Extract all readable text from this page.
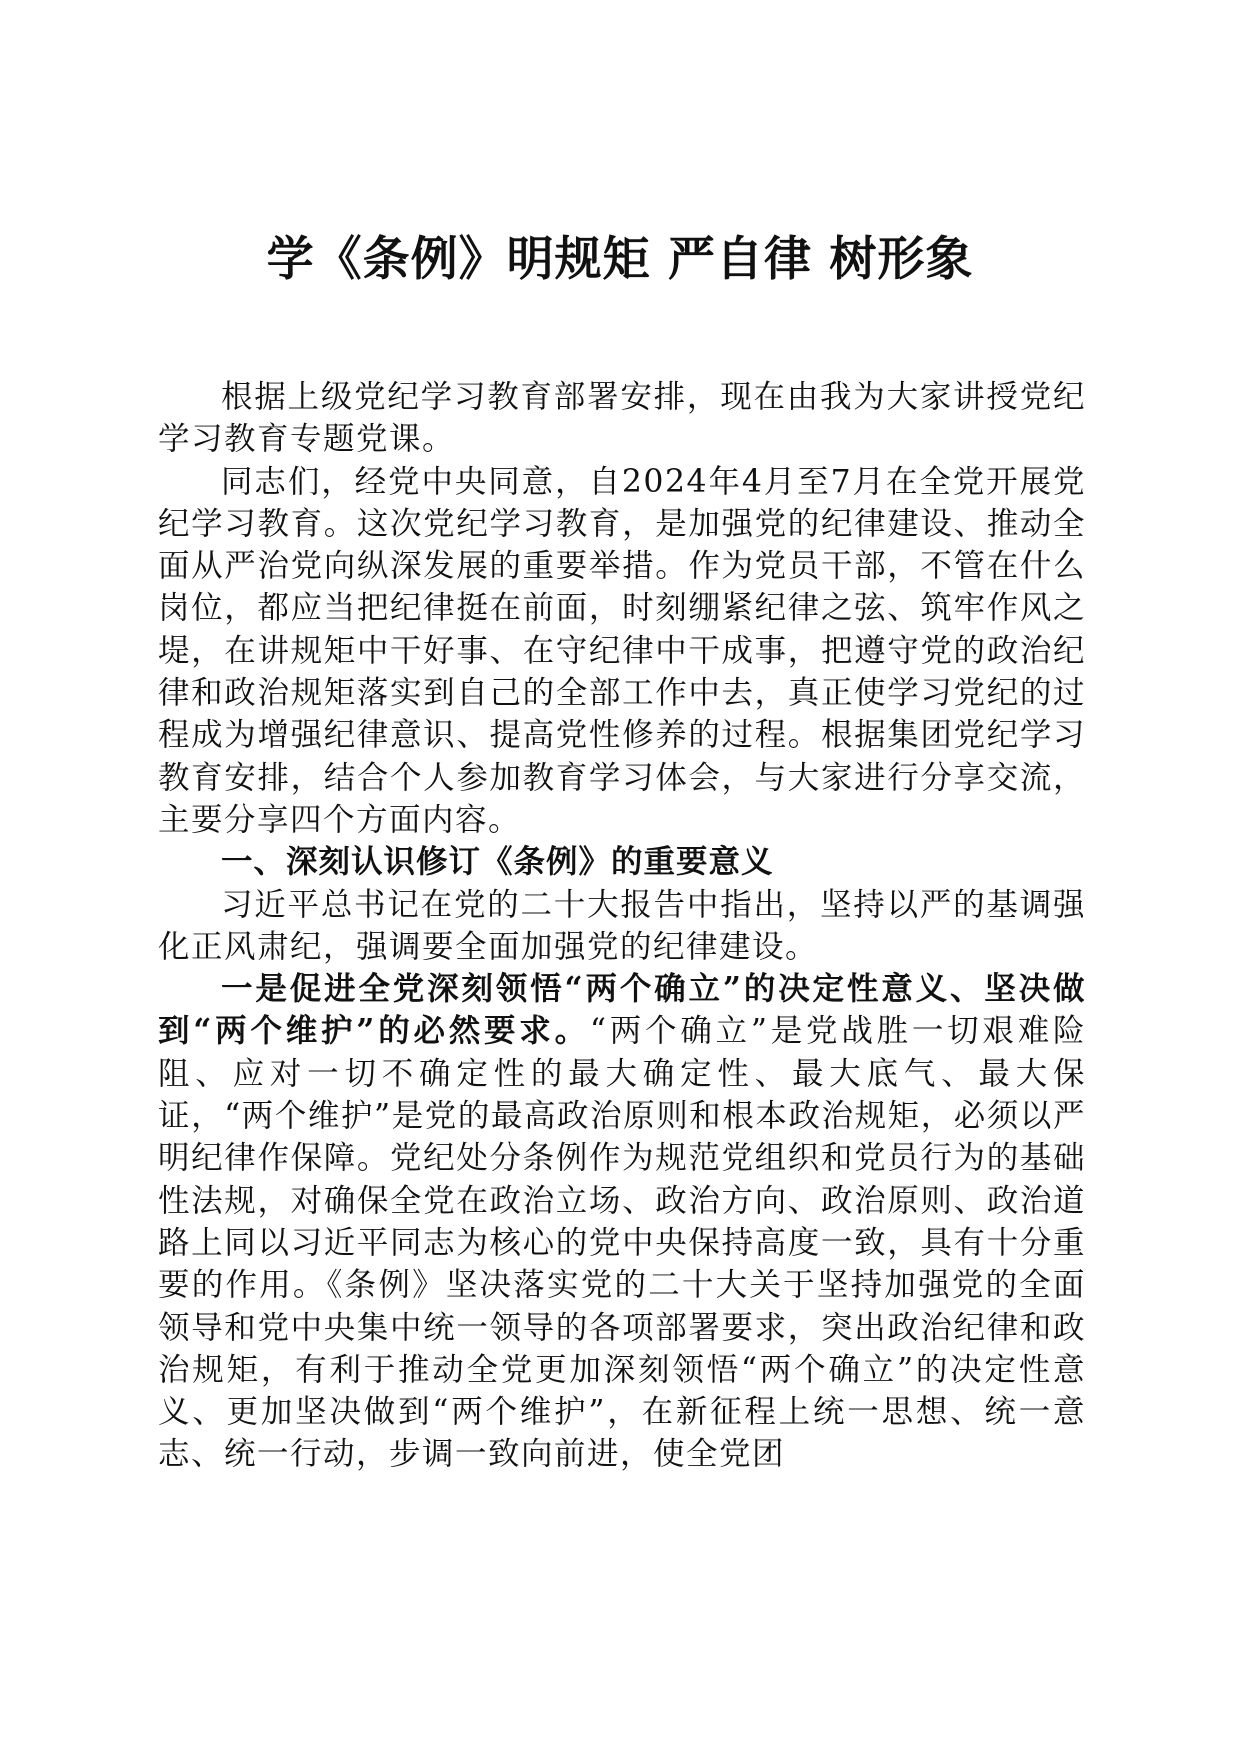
学《条例》明规矩 严自律 树形象

根据上级党纪学习教育部署安排，现在由我为大家讲授党纪学习教育专题党课。

同志们，经党中央同意，自2024年4月至7月在全党开展党纪学习教育。这次党纪学习教育，是加强党的纪律建设、推动全面从严治党向纵深发展的重要举措。作为党员干部，不管在什么岗位，都应当把纪律挺在前面，时刻绷紧纪律之弦、筑牢作风之堤，在讲规矩中干好事、在守纪律中干成事，把遵守党的政治纪律和政治规矩落实到自己的全部工作中去，真正使学习党纪的过程成为增强纪律意识、提高党性修养的过程。根据集团党纪学习教育安排，结合个人参加教育学习体会，与大家进行分享交流，主要分享四个方面内容。

一、深刻认识修订《条例》的重要意义

习近平总书记在党的二十大报告中指出，坚持以严的基调强化正风肃纪，强调要全面加强党的纪律建设。

一是促进全党深刻领悟“两个确立”的决定性意义、坚决做到“两个维护”的必然要求。“两个确立”是党战胜一切艰难险阻、应对一切不确定性的最大确定性、最大底气、最大保证，“两个维护”是党的最高政治原则和根本政治规矩，必须以严明纪律作保障。党纪处分条例作为规范党组织和党员行为的基础性法规，对确保全党在政治立场、政治方向、政治原则、政治道路上同以习近平同志为核心的党中央保持高度一致，具有十分重要的作用。《条例》坚决落实党的二十大关于坚持加强党的全面领导和党中央集中统一领导的各项部署要求，突出政治纪律和政治规矩，有利于推动全党更加深刻领悟“两个确立”的决定性意义、更加坚决做到“两个维护”，在新征程上统一思想、统一意志、统一行动，步调一致向前进，使全党团
